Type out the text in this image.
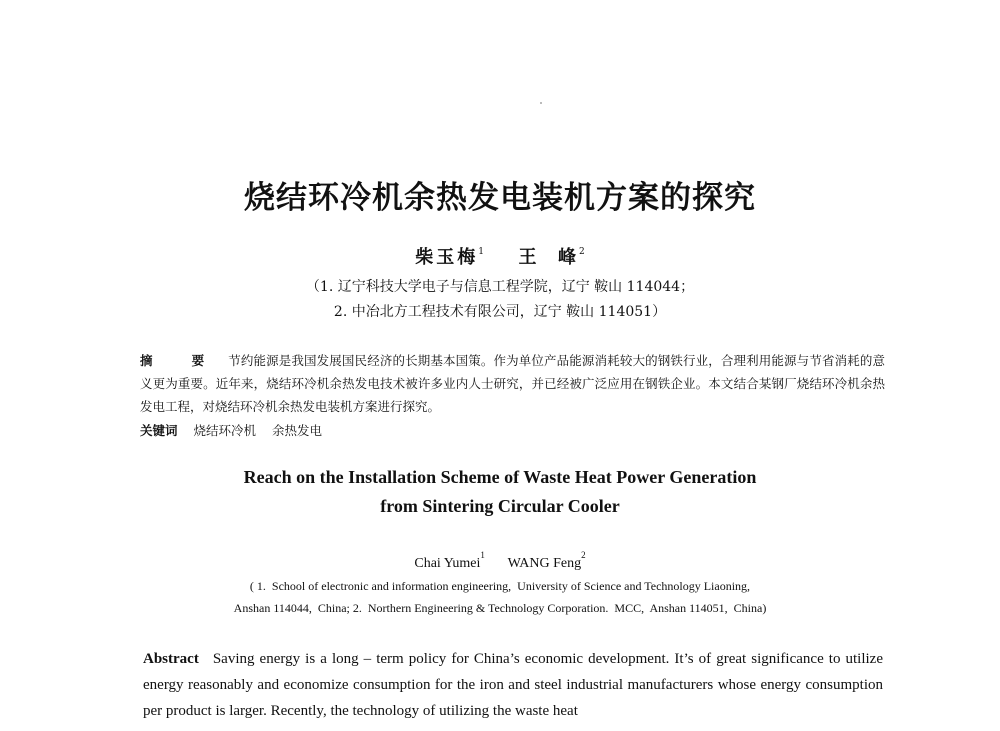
烧结环冷机余热发电装机方案的探究
柴玉梅$^1$ 王  峰$^2$
（1. 辽宁科技大学电子与信息工程学院，辽宁 鞍山 114044；
2. 中冶北方工程技术有限公司，辽宁 鞍山 114051）

摘  要 节约能源是我国发展国民经济的长期基本国策。作为单位产品能源消耗较大的钢铁行业，合理利用能源与节省消耗的意义更为重要。近年来，烧结环冷机余热发电技术被许多业内人士研究，并已经被广泛应用在钢铁企业。本文结合某钢厂烧结环冷机余热发电工程，对烧结环冷机余热发电装机方案进行探究。

关键词 烧结环冷机 余热发电
Reach on the Installation Scheme of Waste Heat Power Generation
from Sintering Circular Cooler
Chai Yumei$^1$  WANG Feng$^2$
( 1.  School of electronic and information engineering,  University of Science and Technology Liaoning,
Anshan 114044,  China; 2.  Northern Engineering & Technology Corporation.  MCC,  Anshan 114051,  China)

Abstract Saving energy is a long – term policy for China’s economic development. It’s of great significance to utilize energy reasonably and economize consumption for the iron and steel industrial manufacturers whose energy consumption per product is larger. Recently, the technology of utilizing the waste heat
